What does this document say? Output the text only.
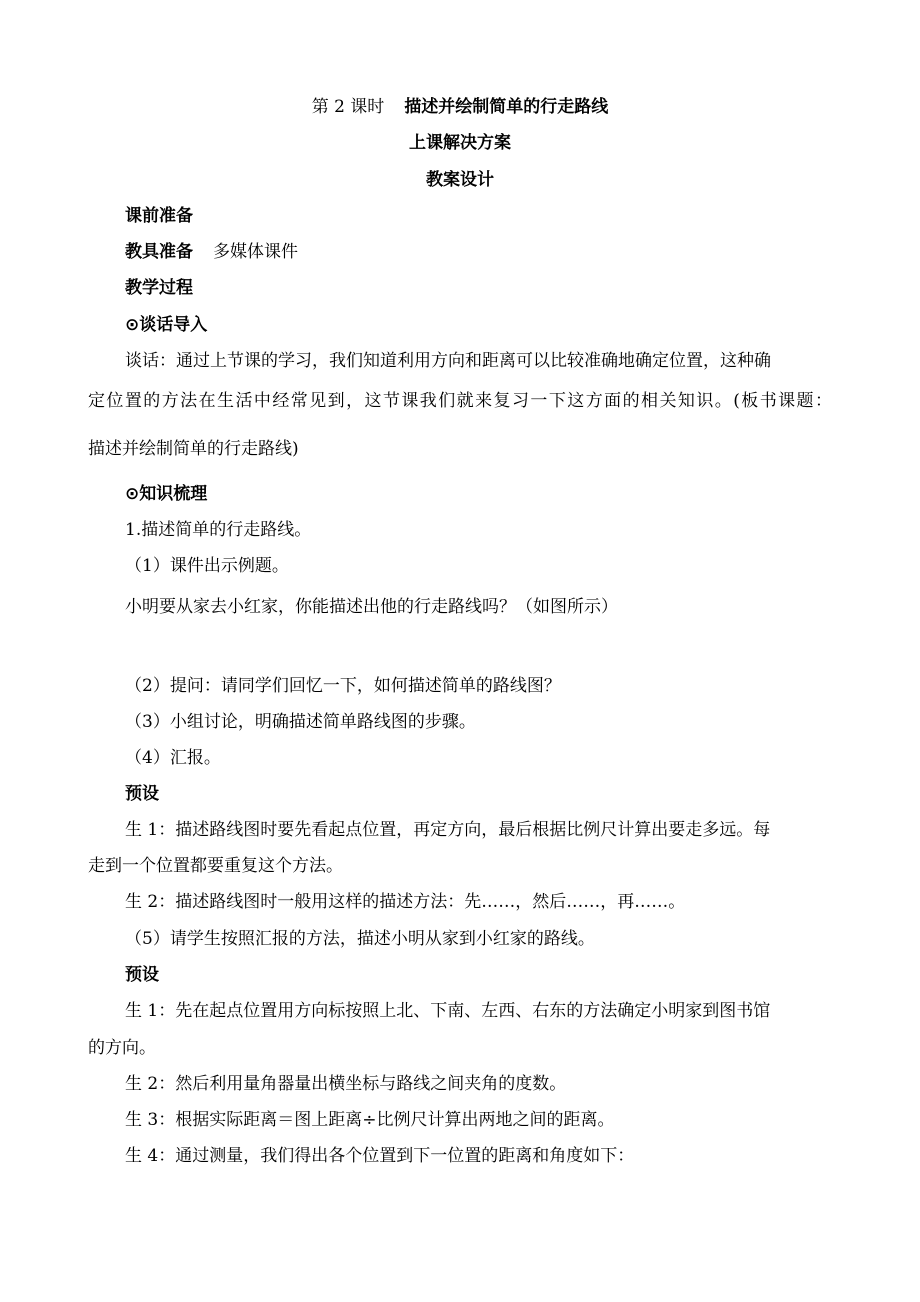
第 2 课时 描述并绘制简单的行走路线
上课解决方案
教案设计
课前准备
教具准备 多媒体课件
教学过程
⊙谈话导入
谈话：通过上节课的学习，我们知道利用方向和距离可以比较准确地确定位置，这种确
定位置的方法在生活中经常见到，这节课我们就来复习一下这方面的相关知识。(板书课题：
描述并绘制简单的行走路线)
⊙知识梳理
1.描述简单的行走路线。
（1）课件出示例题。
小明要从家去小红家，你能描述出他的行走路线吗？（如图所示）
（2）提问：请同学们回忆一下，如何描述简单的路线图？
（3）小组讨论，明确描述简单路线图的步骤。
（4）汇报。
预设
生 1：描述路线图时要先看起点位置，再定方向，最后根据比例尺计算出要走多远。每
走到一个位置都要重复这个方法。
生 2：描述路线图时一般用这样的描述方法：先……，然后……，再……。
（5）请学生按照汇报的方法，描述小明从家到小红家的路线。
预设
生 1：先在起点位置用方向标按照上北、下南、左西、右东的方法确定小明家到图书馆
的方向。
生 2：然后利用量角器量出横坐标与路线之间夹角的度数。
生 3：根据实际距离＝图上距离÷比例尺计算出两地之间的距离。
生 4：通过测量，我们得出各个位置到下一位置的距离和角度如下：
